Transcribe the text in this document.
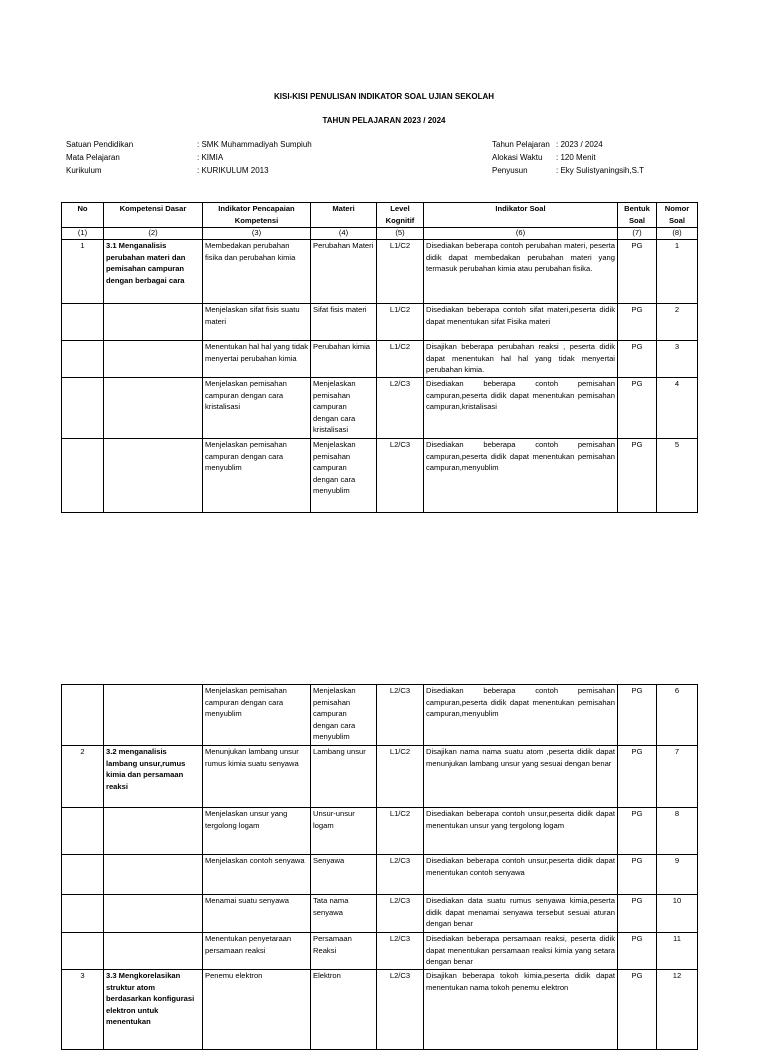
KISI-KISI PENULISAN INDIKATOR SOAL UJIAN SEKOLAH
TAHUN PELAJARAN 2023 / 2024
Satuan Pendidikan	: SMK Muhammadiyah Sumpiuh
Mata Pelajaran	: KIMIA
Kurikulum	: KURIKULUM 2013
Tahun Pelajaran : 2023 / 2024
Alokasi Waktu : 120 Menit
Penyusun	: Eky Sulistyaningsih,S.T
No	Kompetensi Dasar	Indikator Pencapaian Kompetensi	Materi	Level Kognitif	Indikator Soal	Bentuk Soal	Nomor Soal
(1)	(2)	(3)	(4)	(5)	(6)	(7)	(8)
1	3.1 Menganalisis perubahan materi dan pemisahan campuran dengan berbagai cara	Membedakan perubahan fisika dan perubahan kimia	Perubahan Materi	L1/C2	Disediakan beberapa contoh perubahan materi, peserta didik dapat membedakan perubahan materi yang termasuk perubahan kimia atau perubahan fisika.	PG	1
		Menjelaskan sifat fisis suatu materi	Sifat fisis materi	L1/C2	Disediakan beberapa contoh sifat materi,peserta didik dapat menentukan sifat Fisika materi	PG	2
		Menentukan hal hal yang tidak menyertai perubahan kimia	Perubahan kimia	L1/C2	Disajikan beberapa perubahan reaksi , peserta didik dapat menentukan hal hal yang tidak menyertai perubahan kimia.	PG	3
		Menjelaskan pemisahan campuran dengan cara kristalisasi	Menjelaskan pemisahan campuran dengan cara kristalisasi	L2/C3	Disediakan beberapa contoh pemisahan campuran,peserta didik dapat menentukan pemisahan campuran,kristalisasi	PG	4
		Menjelaskan pemisahan campuran dengan cara menyublim	Menjelaskan pemisahan campuran dengan cara menyublim	L2/C3	Disediakan beberapa contoh pemisahan campuran,peserta didik dapat menentukan pemisahan campuran,menyublim	PG	5
		Menjelaskan pemisahan campuran dengan cara menyublim	Menjelaskan pemisahan campuran dengan cara menyublim	L2/C3	Disediakan beberapa contoh pemisahan campuran,peserta didik dapat menentukan pemisahan campuran,menyublim	PG	6
2	3.2 menganalisis lambang unsur,rumus kimia dan persamaan reaksi	Menunjukan lambang unsur rumus kimia suatu senyawa	Lambang unsur	L1/C2	Disajikan nama nama suatu atom ,peserta didik dapat menunjukan lambang unsur yang sesuai dengan benar	PG	7
		Menjelaskan unsur yang tergolong logam	Unsur-unsur logam	L1/C2	Disediakan beberapa contoh unsur,peserta didik dapat menentukan unsur yang tergolong logam	PG	8
		Menjelaskan contoh senyawa	Senyawa	L2/C3	Disediakan beberapa contoh unsur,peserta didik dapat menentukan contoh senyawa	PG	9
		Menamai suatu senyawa	Tata nama senyawa	L2/C3	Disediakan data suatu rumus senyawa kimia,peserta didik dapat menamai senyawa tersebut sesuai aturan dengan benar	PG	10
		Menentukan penyetaraan persamaan reaksi	Persamaan Reaksi	L2/C3	Disediakan beberapa persamaan reaksi, peserta didik dapat menentukan persamaan reaksi kimia yang setara dengan benar	PG	11
3	3.3 Mengkorelasikan struktur atom berdasarkan konfigurasi elektron untuk menentukan	Penemu elektron	Elektron	L2/C3	Disajikan beberapa tokoh kimia,peserta didik dapat menentukan nama tokoh penemu elektron	PG	12
